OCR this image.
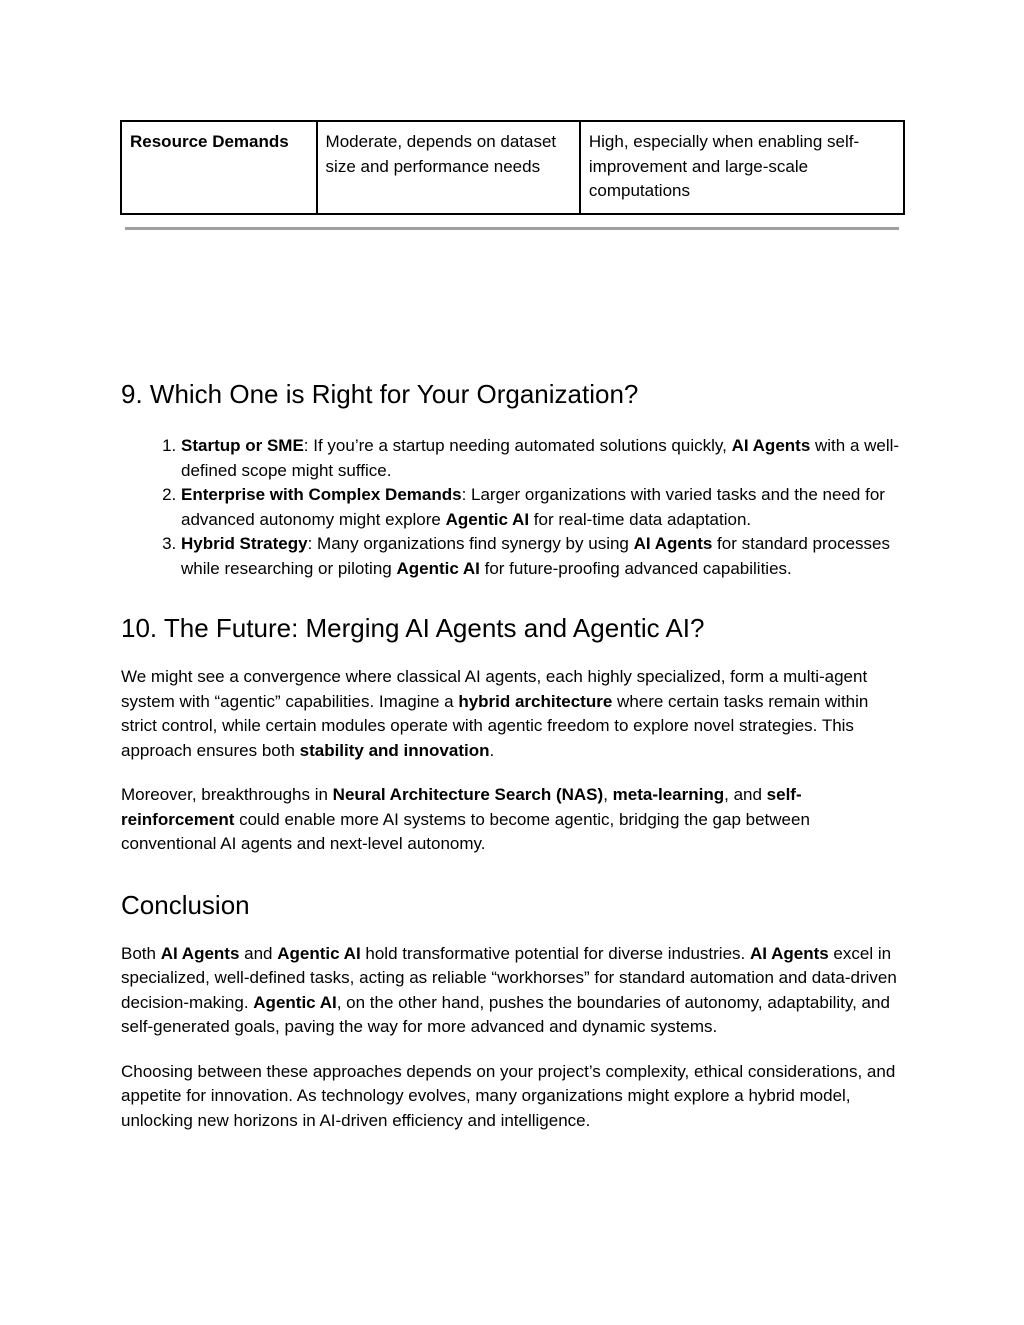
Resource Demands	Moderate, depends on dataset size and performance needs	High, especially when enabling self-improvement and large-scale computations
9. Which One is Right for Your Organization?
1. Startup or SME: If you’re a startup needing automated solutions quickly, AI Agents with a well-defined scope might suffice.
2. Enterprise with Complex Demands: Larger organizations with varied tasks and the need for advanced autonomy might explore Agentic AI for real-time data adaptation.
3. Hybrid Strategy: Many organizations find synergy by using AI Agents for standard processes while researching or piloting Agentic AI for future-proofing advanced capabilities.
10. The Future: Merging AI Agents and Agentic AI?

We might see a convergence where classical AI agents, each highly specialized, form a multi-agent system with “agentic” capabilities. Imagine a hybrid architecture where certain tasks remain within strict control, while certain modules operate with agentic freedom to explore novel strategies. This approach ensures both stability and innovation.

Moreover, breakthroughs in Neural Architecture Search (NAS), meta-learning, and self-reinforcement could enable more AI systems to become agentic, bridging the gap between conventional AI agents and next-level autonomy.

Conclusion

Both AI Agents and Agentic AI hold transformative potential for diverse industries. AI Agents excel in specialized, well-defined tasks, acting as reliable “workhorses” for standard automation and data-driven decision-making. Agentic AI, on the other hand, pushes the boundaries of autonomy, adaptability, and self-generated goals, paving the way for more advanced and dynamic systems.

Choosing between these approaches depends on your project’s complexity, ethical considerations, and appetite for innovation. As technology evolves, many organizations might explore a hybrid model, unlocking new horizons in AI-driven efficiency and intelligence.
